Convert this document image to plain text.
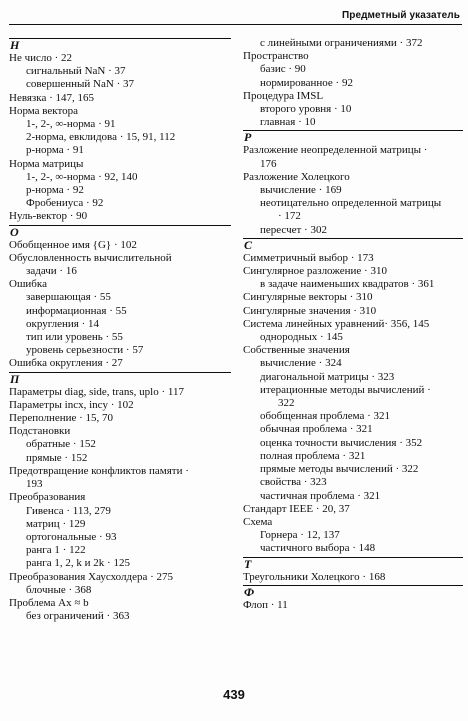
Предметный указатель
Н
Не число · 22
сигнальный NaN · 37
совершенный NaN · 37
Невязка · 147, 165
Норма вектора
1-, 2-, ∞-норма · 91
2-норма, евклидова · 15, 91, 112
p-норма · 91
Норма матрицы
1-, 2-, ∞-норма · 92, 140
p-норма · 92
Фробениуса · 92
Нуль-вектор · 90
О
Обобщенное имя {G} · 102
Обусловленность вычислительной
задачи · 16
Ошибка
завершающая · 55
информационная · 55
округления · 14
тип или уровень · 55
уровень серьезности · 57
Ошибка округления · 27
П
Параметры diag, side, trans, uplo · 117
Параметры incx, incy · 102
Переполнение · 15, 70
Подстановки
обратные · 152
прямые · 152
Предотвращение конфликтов памяти ·
193
Преобразования
Гивенса · 113, 279
матриц · 129
ортогональные · 93
ранга 1 · 122
ранга 1, 2, k и 2k · 125
Преобразования Хаусхолдера · 275
блочные · 368
Проблема Ax ≈ b
без ограничений · 363
с линейными ограничениями · 372
Пространство
базис · 90
нормированное · 92
Процедура IMSL
второго уровня · 10
главная · 10
Р
Разложение неопределенной матрицы ·
176
Разложение Холецкого
вычисление · 169
неотицательно определенной матрицы
· 172
пересчет · 302
С
Симметричный выбор · 173
Сингулярное разложение · 310
в задаче наименьших квадратов · 361
Сингулярные векторы · 310
Сингулярные значения · 310
Система линейных уравнений· 356, 145
однородных · 145
Собственные значения
вычисление · 324
диагональной матрицы · 323
итерационные методы вычислений ·
322
обобщенная проблема · 321
обычная проблема · 321
оценка точности вычисления · 352
полная проблема · 321
прямые методы вычислений · 322
свойства · 323
частичная проблема · 321
Стандарт IEEE · 20, 37
Схема
Горнера · 12, 137
частичного выбора · 148
Т
Треугольники Холецкого · 168
Ф
Флоп · 11
439
